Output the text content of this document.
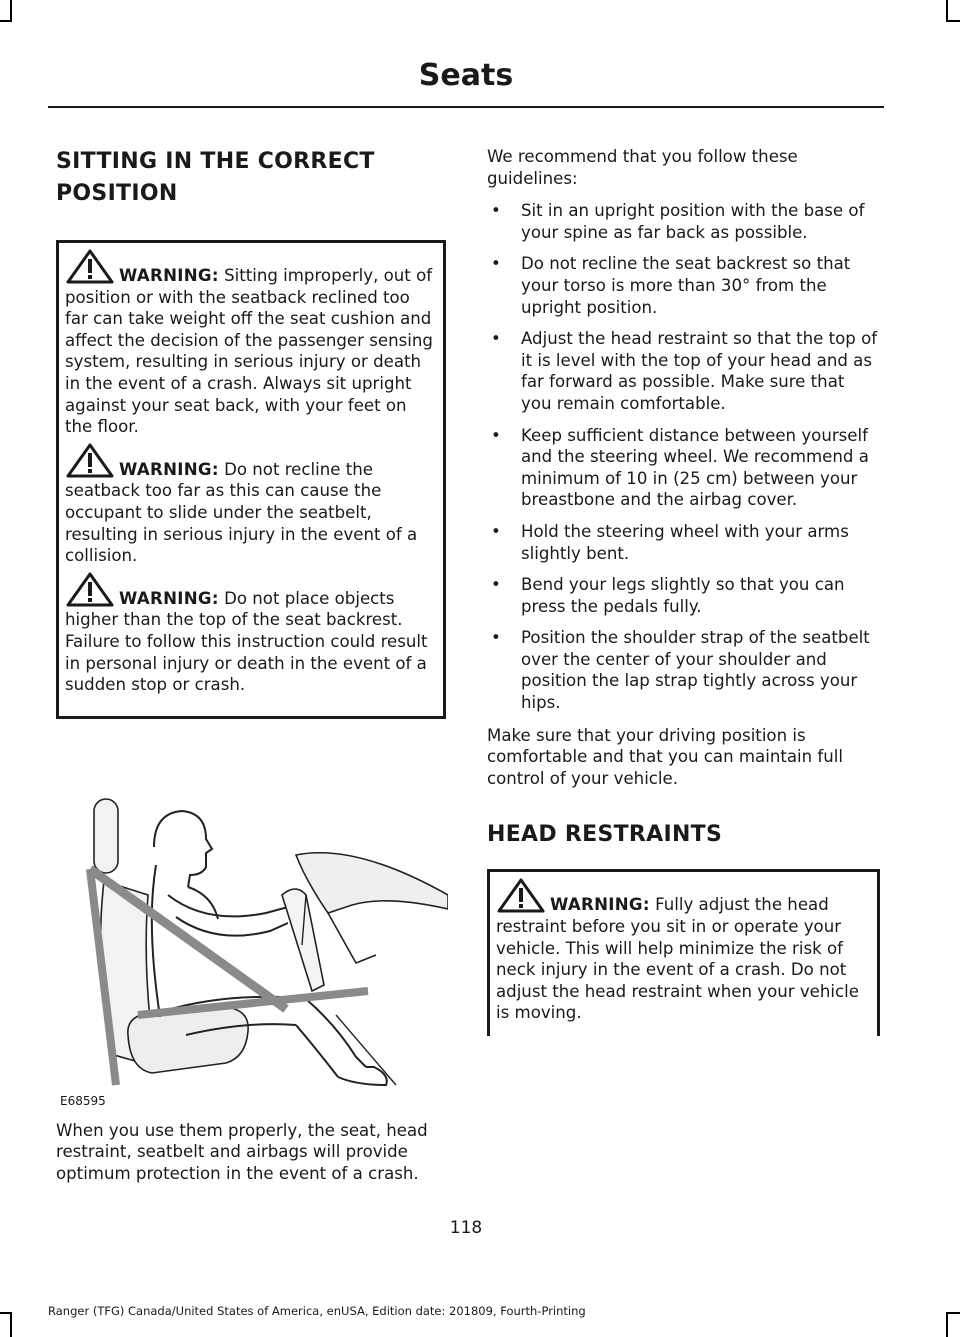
Seats
SITTING IN THE CORRECT POSITION

WARNING: Sitting improperly, out of position or with the seatback reclined too far can take weight off the seat cushion and affect the decision of the passenger sensing system, resulting in serious injury or death in the event of a crash. Always sit upright against your seat back, with your feet on the floor.

WARNING: Do not recline the seatback too far as this can cause the occupant to slide under the seatbelt, resulting in serious injury in the event of a collision.

WARNING: Do not place objects higher than the top of the seat backrest. Failure to follow this instruction could result in personal injury or death in the event of a sudden stop or crash.

E68595

When you use them properly, the seat, head restraint, seatbelt and airbags will provide optimum protection in the event of a crash.

We recommend that you follow these guidelines:

• Sit in an upright position with the base of your spine as far back as possible.
• Do not recline the seat backrest so that your torso is more than 30° from the upright position.
• Adjust the head restraint so that the top of it is level with the top of your head and as far forward as possible. Make sure that you remain comfortable.
• Keep sufficient distance between yourself and the steering wheel. We recommend a minimum of 10 in (25 cm) between your breastbone and the airbag cover.
• Hold the steering wheel with your arms slightly bent.
• Bend your legs slightly so that you can press the pedals fully.
• Position the shoulder strap of the seatbelt over the center of your shoulder and position the lap strap tightly across your hips.

Make sure that your driving position is comfortable and that you can maintain full control of your vehicle.

HEAD RESTRAINTS

WARNING: Fully adjust the head restraint before you sit in or operate your vehicle. This will help minimize the risk of neck injury in the event of a crash. Do not adjust the head restraint when your vehicle is moving.

118

Ranger (TFG) Canada/United States of America, enUSA, Edition date: 201809, Fourth-Printing
